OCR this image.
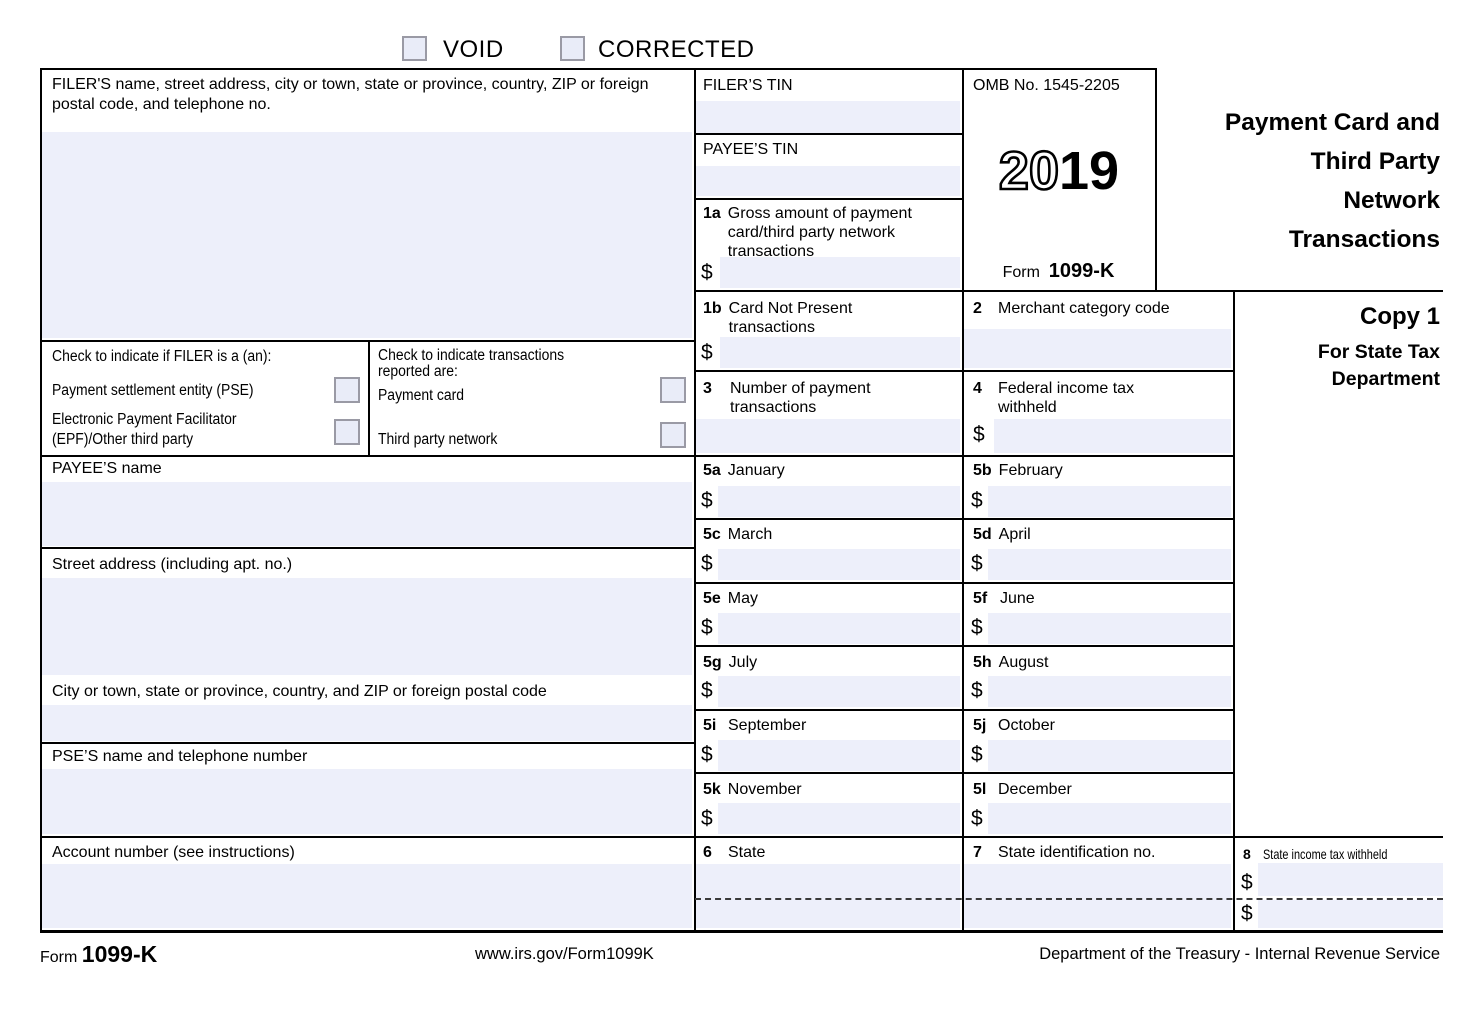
VOID	CORRECTED
FILER'S name, street address, city or town, state or province, country, ZIP or foreign postal code, and telephone no.
PAYEE’S name
Street address (including apt. no.)
City or town, state or province, country, and ZIP or foreign postal code
PSE’S name and telephone number
Account number (see instructions)
Check to indicate if FILER is a (an):
Payment settlement entity (PSE)
Electronic Payment Facilitator
(EPF)/Other third party
Check to indicate transactions
reported are:
Payment card
Third party network
FILER’S TIN
PAYEE’S TIN
OMB No. 1545-2205
2019
Form 1099-K
Payment Card and
Third Party
Network
Transactions
Copy 1
For State Tax
Department
1a Gross amount of payment card/third party network transactions
$
1b Card Not Present transactions
$
2	Merchant category code
3	Number of payment transactions
4	Federal income tax withheld
$
5a January
$
5b February
$
5c March
$
5d April
$
5e May
$
5f June
$
5g July
$
5h August
$
5i September
$
5j October
$
5k November
$
5l December
$
6	State	7	State identification no.	8 State income tax withheld
$
$
Form 1099-K	www.irs.gov/Form1099K	Department of the Treasury - Internal Revenue Service
